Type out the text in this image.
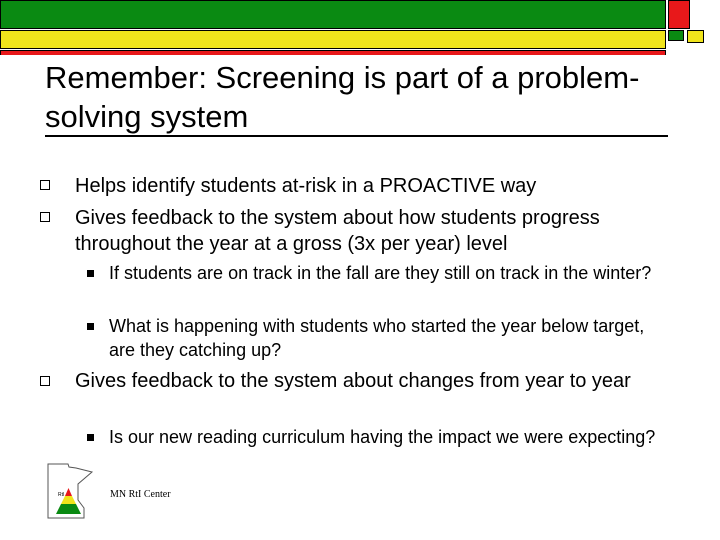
Remember: Screening is part of a problem-solving system
Helps identify students at-risk in a PROACTIVE way
Gives feedback to the system about how students progress throughout the year at a gross (3x per year) level
If students are on track in the fall are they still on track in the winter?
What is happening with students who started the year below target, are they catching up?
Gives feedback to the system about changes from year to year
Is our new reading curriculum having the impact we were expecting?
RtI	MN RtI Center
